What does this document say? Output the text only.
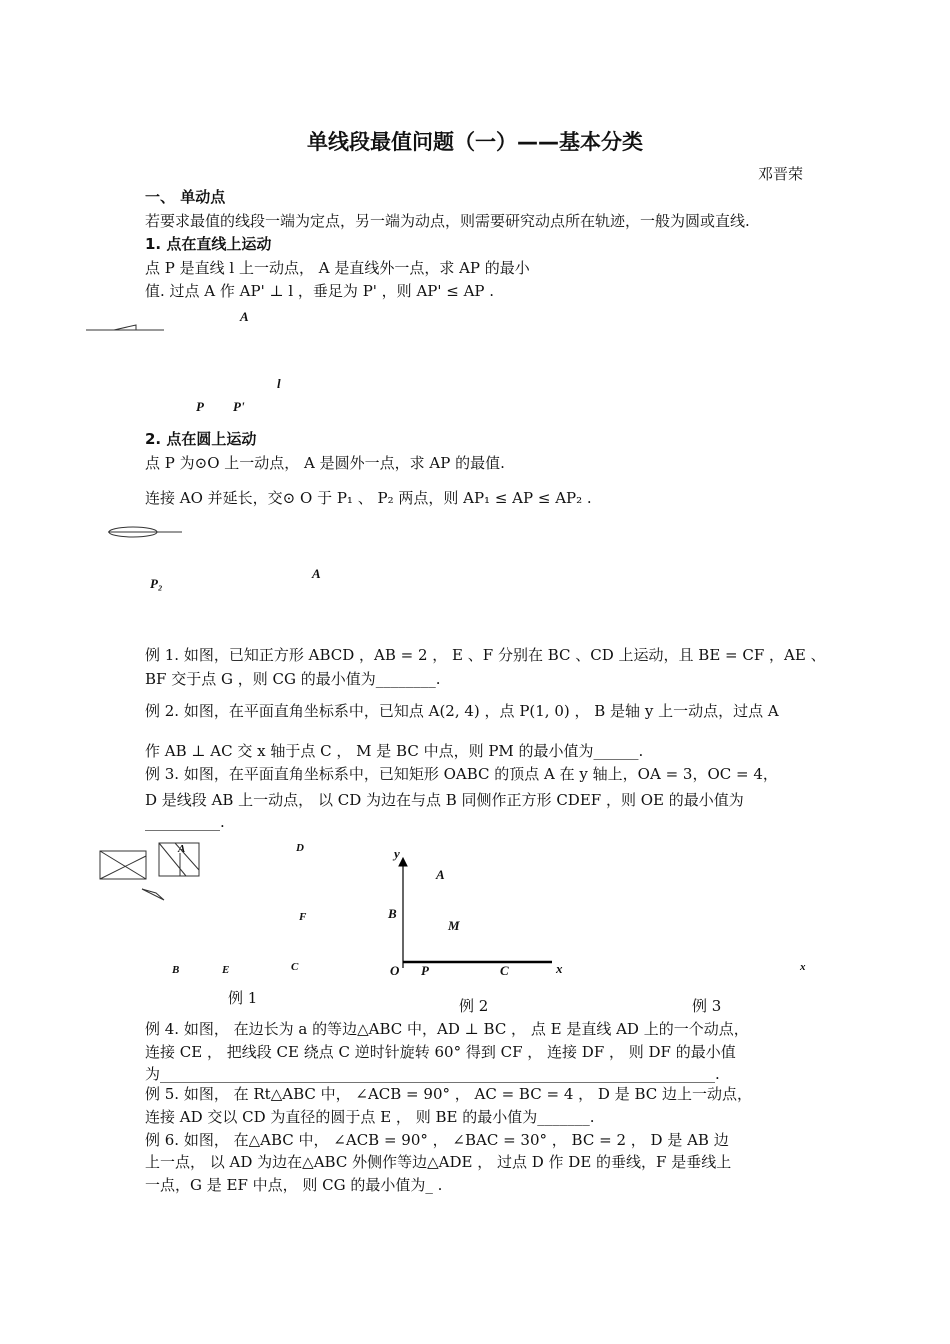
单线段最值问题（一）——基本分类
邓晋荣
一、 单动点
若要求最值的线段一端为定点，另一端为动点，则需要研究动点所在轨迹，一般为圆或直线.
1. 点在直线上运动
点 P 是直线 l 上一动点， A 是直线外一点，求 AP 的最小
值. 过点 A 作 AP' ⊥ l ，垂足为 P' ，则 AP' ≤ AP .
A
l
P P'
2. 点在圆上运动
点 P 为⊙O 上一动点， A 是圆外一点，求 AP 的最值.
连接 AO 并延长，交⊙ O 于 P₁ 、 P₂ 两点，则 AP₁ ≤ AP ≤ AP₂ .
P₂
A
例 1. 如图，已知正方形 ABCD ，AB = 2 ， E 、F 分别在 BC 、CD 上运动，且 BE = CF ，AE 、
BF 交于点 G ，则 CG 的最小值为________.
例 2. 如图，在平面直角坐标系中，已知点 A(2, 4) ，点 P(1, 0) ， B 是轴 y 上一动点，过点 A
作 AB ⊥ AC 交 x 轴于点 C ， M 是 BC 中点，则 PM 的最小值为______.
例 3. 如图，在平面直角坐标系中，已知矩形 OABC 的顶点 A 在 y 轴上，OA = 3，OC = 4，
D 是线段 AB 上一动点， 以 CD 为边在与点 B 同侧作正方形 CDEF ，则 OE 的最小值为
__________.
A	D
F
B	E	C
y
A
B
M
O P	C	x	x
例 1	例 2	例 3
例 4. 如图， 在边长为 a 的等边△ABC 中，AD ⊥ BC ， 点 E 是直线 AD 上的一个动点，
连接 CE ， 把线段 CE 绕点 C 逆时针旋转 60° 得到 CF ， 连接 DF ， 则 DF 的最小值
为__________________________________________________________________________.
例 5. 如图， 在 Rt△ABC 中， ∠ACB = 90° ， AC = BC = 4 ， D 是 BC 边上一动点，
连接 AD 交以 CD 为直径的圆于点 E ， 则 BE 的最小值为_______.
例 6. 如图， 在△ABC 中， ∠ACB = 90° ， ∠BAC = 30° ， BC = 2 ， D 是 AB 边
上一点， 以 AD 为边在△ABC 外侧作等边△ADE ， 过点 D 作 DE 的垂线，F 是垂线上
一点，G 是 EF 中点， 则 CG 的最小值为_ .
